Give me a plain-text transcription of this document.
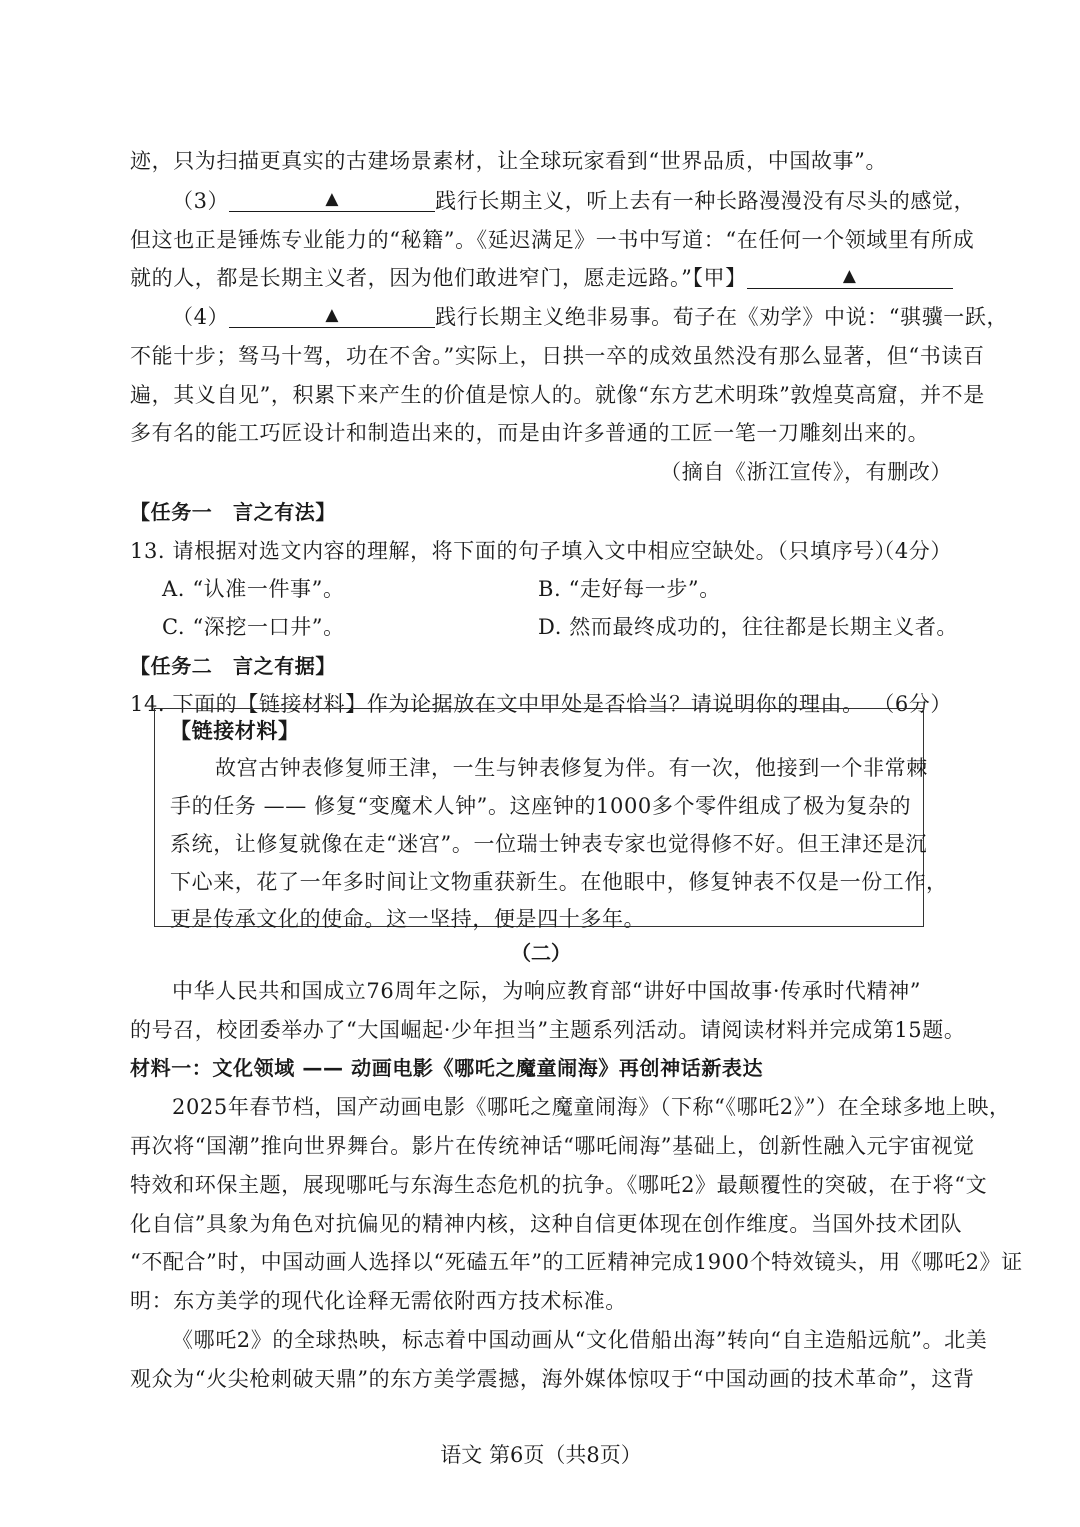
迹，只为扫描更真实的古建场景素材，让全球玩家看到“世界品质，中国故事”。
（3）	▲	践行长期主义，听上去有一种长路漫漫没有尽头的感觉，
但这也正是锤炼专业能力的“秘籍”。《延迟满足》一书中写道：“在任何一个领域里有所成
就的人，都是长期主义者，因为他们敢进窄门，愿走远路。”【甲】	▲
（4）	▲	践行长期主义绝非易事。荀子在《劝学》中说：“骐骥一跃，
不能十步；驽马十驾，功在不舍。”实际上，日拱一卒的成效虽然没有那么显著，但“书读百
遍，其义自见”，积累下来产生的价值是惊人的。就像“东方艺术明珠”敦煌莫高窟，并不是
多有名的能工巧匠设计和制造出来的，而是由许多普通的工匠一笔一刀雕刻出来的。
（摘自《浙江宣传》，有删改）
【任务一　言之有法】
13. 请根据对选文内容的理解，将下面的句子填入文中相应空缺处。（只填序号）
（4分）
A. “认准一件事”。	B. “走好每一步”。
C. “深挖一口井”。	D. 然而最终成功的，往往都是长期主义者。
【任务二　言之有据】
14. 下面的【链接材料】作为论据放在文中甲处是否恰当？请说明你的理由。 （6分）
【链接材料】
故宫古钟表修复师王津，一生与钟表修复为伴。有一次，他接到一个非常棘
手的任务 —— 修复“变魔术人钟”。这座钟的1000多个零件组成了极为复杂的
系统，让修复就像在走“迷宫”。一位瑞士钟表专家也觉得修不好。但王津还是沉
下心来，花了一年多时间让文物重获新生。在他眼中，修复钟表不仅是一份工作，
更是传承文化的使命。这一坚持，便是四十多年。
（二）
中华人民共和国成立76周年之际，为响应教育部“讲好中国故事·传承时代精神”
的号召，校团委举办了“大国崛起·少年担当”主题系列活动。请阅读材料并完成第15题。
材料一：文化领域 —— 动画电影《哪吒之魔童闹海》再创神话新表达
2025年春节档，国产动画电影《哪吒之魔童闹海》（下称“《哪吒2》”）在全球多地上映，
再次将“国潮”推向世界舞台。影片在传统神话“哪吒闹海”基础上，创新性融入元宇宙视觉
特效和环保主题，展现哪吒与东海生态危机的抗争。《哪吒2》最颠覆性的突破，在于将“文
化自信”具象为角色对抗偏见的精神内核，这种自信更体现在创作维度。当国外技术团队
“不配合”时，中国动画人选择以“死磕五年”的工匠精神完成1900个特效镜头，用《哪吒2》证
明：东方美学的现代化诠释无需依附西方技术标准。
《哪吒2》的全球热映，标志着中国动画从“文化借船出海”转向“自主造船远航”。北美
观众为“火尖枪刺破天鼎”的东方美学震撼，海外媒体惊叹于“中国动画的技术革命”，这背
语文 第6页（共8页）
